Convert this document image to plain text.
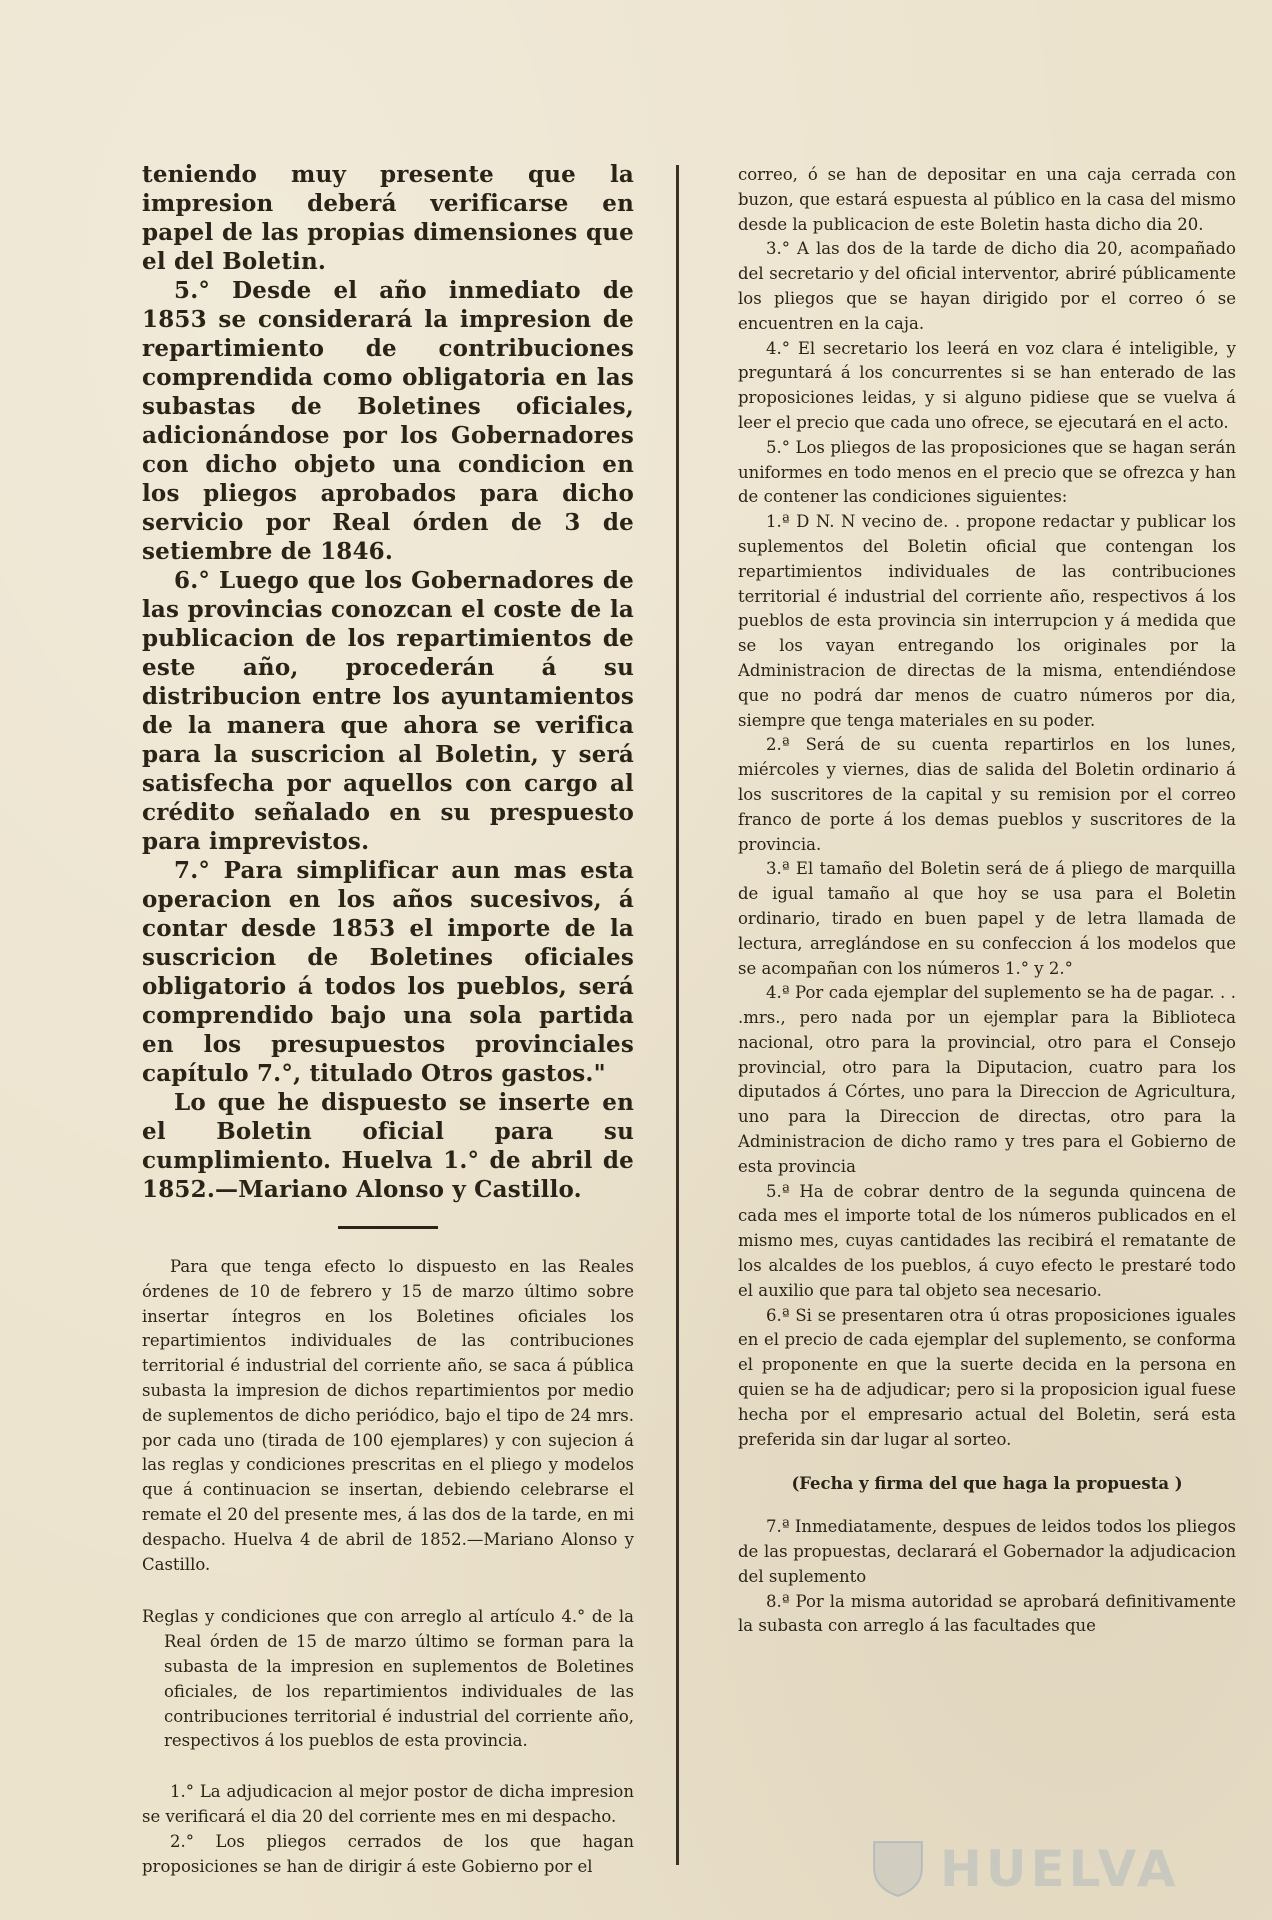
teniendo muy presente que la impresion deberá verificarse en papel de las propias dimensiones que el del Boletin.

5.° Desde el año inmediato de 1853 se considerará la impresion de repartimiento de contribuciones comprendida como obligatoria en las subastas de Boletines oficiales, adicionándose por los Gobernadores con dicho objeto una condicion en los pliegos aprobados para dicho servicio por Real órden de 3 de setiembre de 1846.

6.° Luego que los Gobernadores de las provincias conozcan el coste de la publicacion de los repartimientos de este año, procederán á su distribucion entre los ayuntamientos de la manera que ahora se verifica para la suscricion al Boletin, y será satisfecha por aquellos con cargo al crédito señalado en su prespuesto para imprevistos.

7.° Para simplificar aun mas esta operacion en los años sucesivos, á contar desde 1853 el importe de la suscricion de Boletines oficiales obligatorio á todos los pueblos, será comprendido bajo una sola partida en los presupuestos provinciales capítulo 7.°, titulado Otros gastos."

Lo que he dispuesto se inserte en el Boletin oficial para su cumplimiento. Huelva 1.° de abril de 1852.—Mariano Alonso y Castillo.

Para que tenga efecto lo dispuesto en las Reales órdenes de 10 de febrero y 15 de marzo último sobre insertar íntegros en los Boletines oficiales los repartimientos individuales de las contribuciones territorial é industrial del corriente año, se saca á pública subasta la impresion de dichos repartimientos por medio de suplementos de dicho periódico, bajo el tipo de 24 mrs. por cada uno (tirada de 100 ejemplares) y con sujecion á las reglas y condiciones prescritas en el pliego y modelos que á continuacion se insertan, debiendo celebrarse el remate el 20 del presente mes, á las dos de la tarde, en mi despacho. Huelva 4 de abril de 1852.—Mariano Alonso y Castillo.

Reglas y condiciones que con arreglo al artículo 4.° de la Real órden de 15 de marzo último se forman para la subasta de la impresion en suplementos de Boletines oficiales, de los repartimientos individuales de las contribuciones territorial é industrial del corriente año, respectivos á los pueblos de esta provincia.

1.° La adjudicacion al mejor postor de dicha impresion se verificará el dia 20 del corriente mes en mi despacho.

2.° Los pliegos cerrados de los que hagan proposiciones se han de dirigir á este Gobierno por el

correo, ó se han de depositar en una caja cerrada con buzon, que estará espuesta al público en la casa del mismo desde la publicacion de este Boletin hasta dicho dia 20.

3.° A las dos de la tarde de dicho dia 20, acompañado del secretario y del oficial interventor, abriré públicamente los pliegos que se hayan dirigido por el correo ó se encuentren en la caja.

4.° El secretario los leerá en voz clara é inteligible, y preguntará á los concurrentes si se han enterado de las proposiciones leidas, y si alguno pidiese que se vuelva á leer el precio que cada uno ofrece, se ejecutará en el acto.

5.° Los pliegos de las proposiciones que se hagan serán uniformes en todo menos en el precio que se ofrezca y han de contener las condiciones siguientes:

1.ª D N. N vecino de. . propone redactar y publicar los suplementos del Boletin oficial que contengan los repartimientos individuales de las contribuciones territorial é industrial del corriente año, respectivos á los pueblos de esta provincia sin interrupcion y á medida que se los vayan entregando los originales por la Administracion de directas de la misma, entendiéndose que no podrá dar menos de cuatro números por dia, siempre que tenga materiales en su poder.

2.ª Será de su cuenta repartirlos en los lunes, miércoles y viernes, dias de salida del Boletin ordinario á los suscritores de la capital y su remision por el correo franco de porte á los demas pueblos y suscritores de la provincia.

3.ª El tamaño del Boletin será de á pliego de marquilla de igual tamaño al que hoy se usa para el Boletin ordinario, tirado en buen papel y de letra llamada de lectura, arreglándose en su confeccion á los modelos que se acompañan con los números 1.° y 2.°

4.ª Por cada ejemplar del suplemento se ha de pagar. . . .mrs., pero nada por un ejemplar para la Biblioteca nacional, otro para la provincial, otro para el Consejo provincial, otro para la Diputacion, cuatro para los diputados á Córtes, uno para la Direccion de Agricultura, uno para la Direccion de directas, otro para la Administracion de dicho ramo y tres para el Gobierno de esta provincia

5.ª Ha de cobrar dentro de la segunda quincena de cada mes el importe total de los números publicados en el mismo mes, cuyas cantidades las recibirá el rematante de los alcaldes de los pueblos, á cuyo efecto le prestaré todo el auxilio que para tal objeto sea necesario.

6.ª Si se presentaren otra ú otras proposiciones iguales en el precio de cada ejemplar del suplemento, se conforma el proponente en que la suerte decida en la persona en quien se ha de adjudicar; pero si la proposicion igual fuese hecha por el empresario actual del Boletin, será esta preferida sin dar lugar al sorteo.

(Fecha y firma del que haga la propuesta )

7.ª Inmediatamente, despues de leidos todos los pliegos de las propuestas, declarará el Gobernador la adjudicacion del suplemento

8.ª Por la misma autoridad se aprobará definitivamente la subasta con arreglo á las facultades que

HUELVA
